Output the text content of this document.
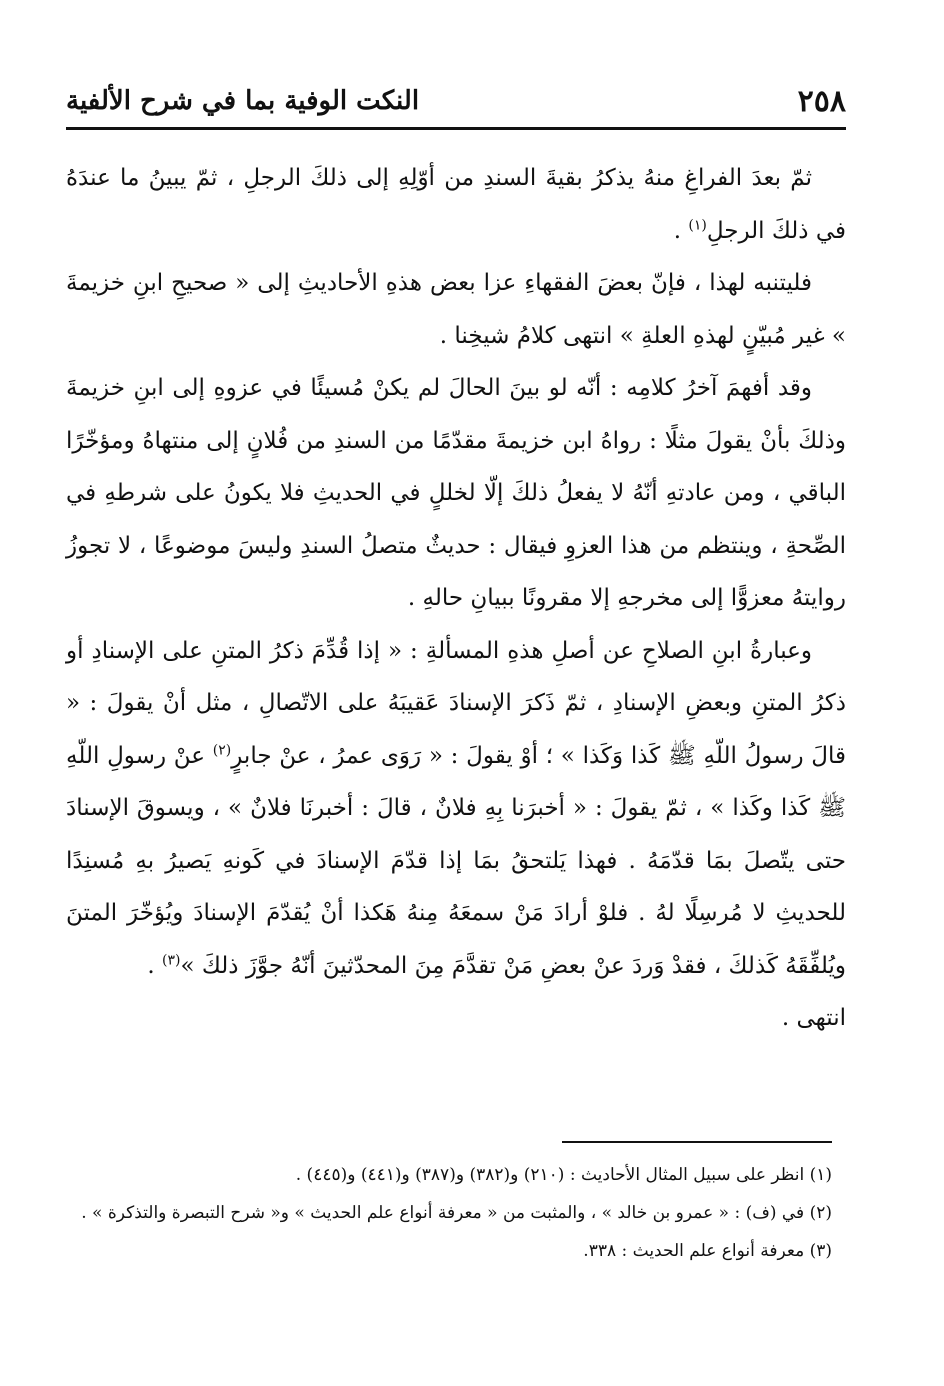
٢٥٨
النكت الوفية بما في شرح الألفية

ثمّ بعدَ الفراغِ منهُ يذكرُ بقيةَ السندِ من أوّلِهِ إلى ذلكَ الرجلِ ، ثمّ يبينُ ما عندَهُ في ذلكَ الرجلِ$^{(١)}$ .

فليتنبه لهذا ، فإنّ بعضَ الفقهاءِ عزا بعض هذهِ الأحاديثِ إلى « صحيحِ ابنِ خزيمةَ » غير مُبيّنٍ لهذهِ العلةِ » انتهى كلامُ شيخِنا .

وقد أفهمَ آخرُ كلامِه : أنّه لو بينَ الحالَ لم يكنْ مُسيئًا في عزوهِ إلى ابنِ خزيمةَ وذلكَ بأنْ يقولَ مثلًا : رواهُ ابن خزيمةَ مقدّمًا من السندِ من فُلانٍ إلى منتهاهُ ومؤخّرًا الباقي ، ومن عادتهِ أنّهُ لا يفعلُ ذلكَ إلّا لخللٍ في الحديثِ فلا يكونُ على شرطهِ في الصِّحةِ ، وينتظم من هذا العزوِ فيقال : حديثٌ متصلُ السندِ وليسَ موضوعًا ، لا تجوزُ روايتهُ معزوًّا إلى مخرجهِ إلا مقرونًا ببيانِ حالهِ .

وعبارةُ ابنِ الصلاحِ عن أصلِ هذهِ المسألةِ : « إذا قُدِّمَ ذكرُ المتنِ على الإسنادِ أو ذكرُ المتنِ وبعضِ الإسنادِ ، ثمّ ذَكرَ الإسنادَ عَقيبَهُ على الاتّصالِ ، مثل أنْ يقولَ : « قالَ رسولُ اللّهِ ﷺ كَذا وَكَذا » ؛ أوْ يقولَ : « رَوَى عمرُ ، عنْ جابرٍ$^{(٢)}$ عنْ رسولِ اللّهِ ﷺ كَذا وكَذا » ، ثمّ يقولَ : « أخبرَنا بِهِ فلانٌ ، قالَ : أخبرنَا فلانٌ » ، ويسوقَ الإسنادَ حتى يتّصلَ بمَا قدّمَهُ . فهذا يَلتحقُ بمَا إذا قدّمَ الإسنادَ في كَونهِ يَصيرُ بهِ مُسنِدًا للحديثِ لا مُرسِلًا لهُ . فلوْ أرادَ مَنْ سمعَهُ مِنهُ هَكذا أنْ يُقدّمَ الإسنادَ ويُؤخّرَ المتنَ ويُلفِّقَهُ كَذلكَ ، فقدْ وَردَ عنْ بعضِ مَنْ تقدَّمَ مِنَ المحدّثينَ أنّهُ جوَّزَ ذلكَ »$^{(٣)}$ .

انتهى .

(١) انظر على سبيل المثال الأحاديث : (٢١٠) و(٣٨٢) و(٣٨٧) و(٤٤١) و(٤٤٥) .

(٢) في (ف) : « عمرو بن خالد » ، والمثبت من « معرفة أنواع علم الحديث » و« شرح التبصرة والتذكرة » .

(٣) معرفة أنواع علم الحديث : ٣٣٨.
